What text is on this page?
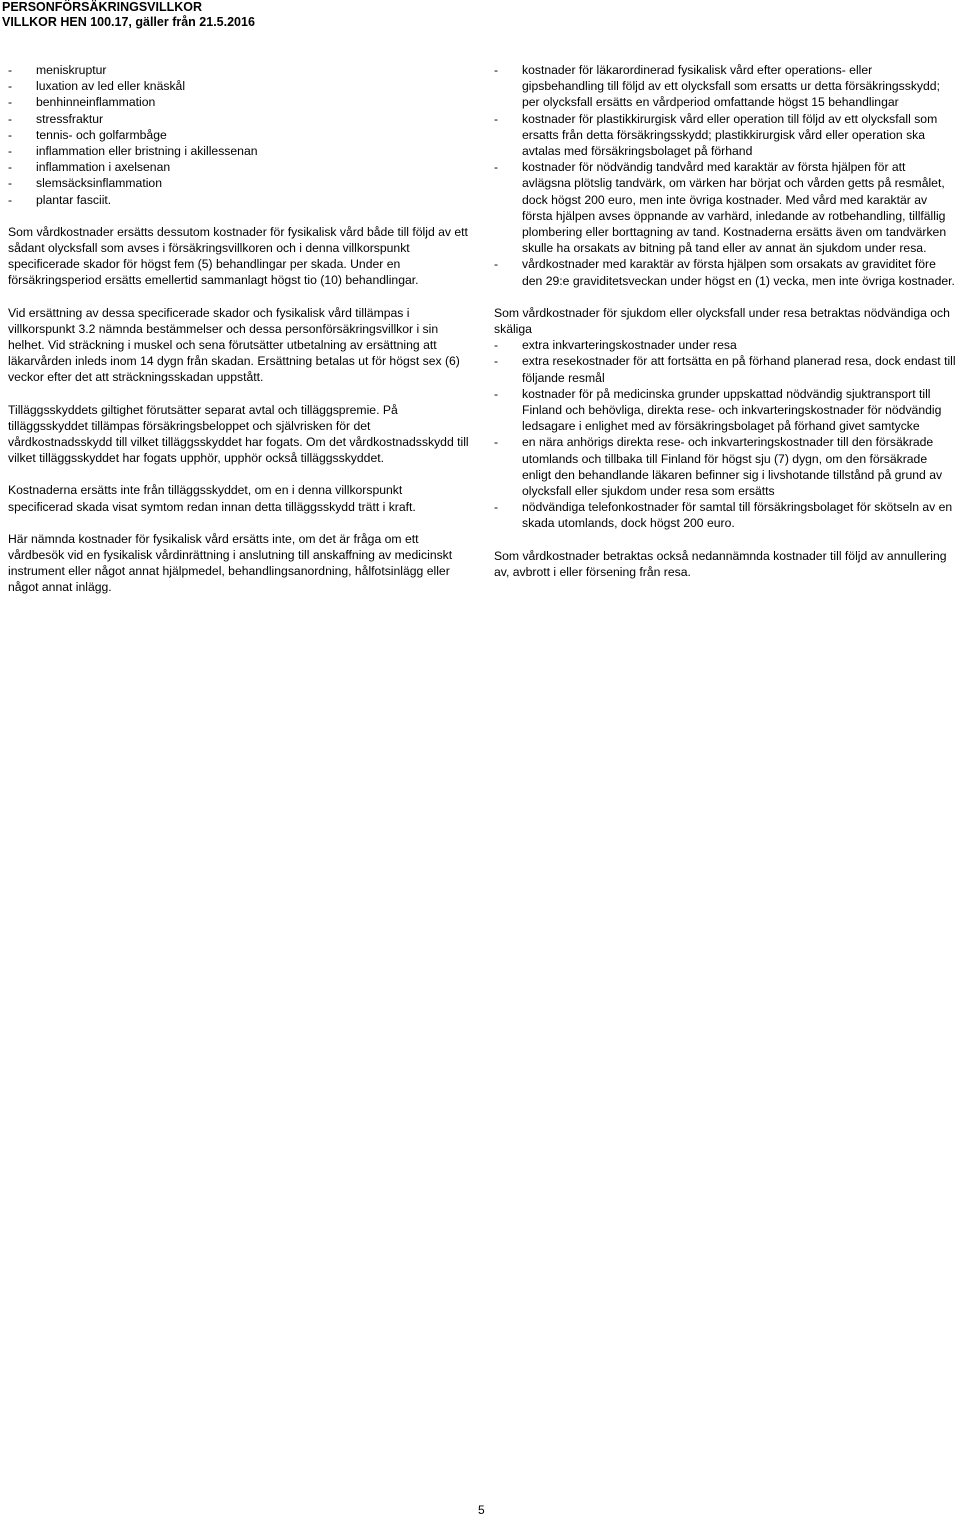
PERSONFÖRSÄKRINGSVILLKOR
VILLKOR HEN 100.17, gäller från 21.5.2016
-	meniskruptur
-	luxation av led eller knäskål
-	benhinneinflammation
-	stressfraktur
-	tennis- och golfarmbåge
-	inflammation eller bristning i akillessenan
-	inflammation i axelsenan
-	slemsäcksinflammation
-	plantar fasciit.

Som vårdkostnader ersätts dessutom kostnader för fysikalisk vård både till följd av ett sådant olycksfall som avses i försäkringsvillkoren och i denna villkorspunkt specificerade skador för högst fem (5) behandlingar per skada. Under en försäkringsperiod ersätts emellertid sammanlagt högst tio (10) behandlingar.

Vid ersättning av dessa specificerade skador och fysikalisk vård tillämpas i villkorspunkt 3.2 nämnda bestämmelser och dessa personförsäkringsvillkor i sin helhet. Vid sträckning i muskel och sena förutsätter utbetalning av ersättning att läkarvården inleds inom 14 dygn från skadan. Ersättning betalas ut för högst sex (6) veckor efter det att sträckningsskadan uppstått.

Tilläggsskyddets giltighet förutsätter separat avtal och tilläggspremie. På tilläggsskyddet tillämpas försäkringsbeloppet och självrisken för det vårdkostnadsskydd till vilket tilläggsskyddet har fogats. Om det vårdkostnadsskydd till vilket tilläggsskyddet har fogats upphör, upphör också tilläggsskyddet.

Kostnaderna ersätts inte från tilläggsskyddet, om en i denna villkorspunkt specificerad skada visat symtom redan innan detta tilläggsskydd trätt i kraft.

Här nämnda kostnader för fysikalisk vård ersätts inte, om det är fråga om ett vårdbesök vid en fysikalisk vårdinrättning i anslutning till anskaffning av medicinskt instrument eller något annat hjälpmedel, behandlingsanordning, hålfotsinlägg eller något annat inlägg.

-	kostnader för läkarordinerad fysikalisk vård efter operations- eller gipsbehandling till följd av ett olycksfall som ersatts ur detta försäkringsskydd; per olycksfall ersätts en vårdperiod omfattande högst 15 behandlingar
-	kostnader för plastikkirurgisk vård eller operation till följd av ett olycksfall som ersatts från detta försäkringsskydd; plastikkirurgisk vård eller operation ska avtalas med försäkringsbolaget på förhand
-	kostnader för nödvändig tandvård med karaktär av första hjälpen för att avlägsna plötslig tandvärk, om värken har börjat och vården getts på resmålet, dock högst 200 euro, men inte övriga kostnader. Med vård med karaktär av första hjälpen avses öppnande av varhärd, inledande av rotbehandling, tillfällig plombering eller borttagning av tand. Kostnaderna ersätts även om tandvärken skulle ha orsakats av bitning på tand eller av annat än sjukdom under resa.
-	vårdkostnader med karaktär av första hjälpen som orsakats av graviditet före den 29:e graviditetsveckan under högst en (1) vecka, men inte övriga kostnader.
Som vårdkostnader för sjukdom eller olycksfall under resa betraktas nödvändiga och skäliga
-	extra inkvarteringskostnader under resa
-	extra resekostnader för att fortsätta en på förhand planerad resa, dock endast till följande resmål
-	kostnader för på medicinska grunder uppskattad nödvändig sjuktransport till Finland och behövliga, direkta rese- och inkvarteringskostnader för nödvändig ledsagare i enlighet med av försäkringsbolaget på förhand givet samtycke
-	en nära anhörigs direkta rese- och inkvarteringskostnader till den försäkrade utomlands och tillbaka till Finland för högst sju (7) dygn, om den försäkrade enligt den behandlande läkaren befinner sig i livshotande tillstånd på grund av olycksfall eller sjukdom under resa som ersätts
-	nödvändiga telefonkostnader för samtal till försäkringsbolaget för skötseln av en skada utomlands, dock högst 200 euro.

Som vårdkostnader betraktas också nedannämnda kostnader till följd av annullering av, avbrott i eller försening från resa.

5
